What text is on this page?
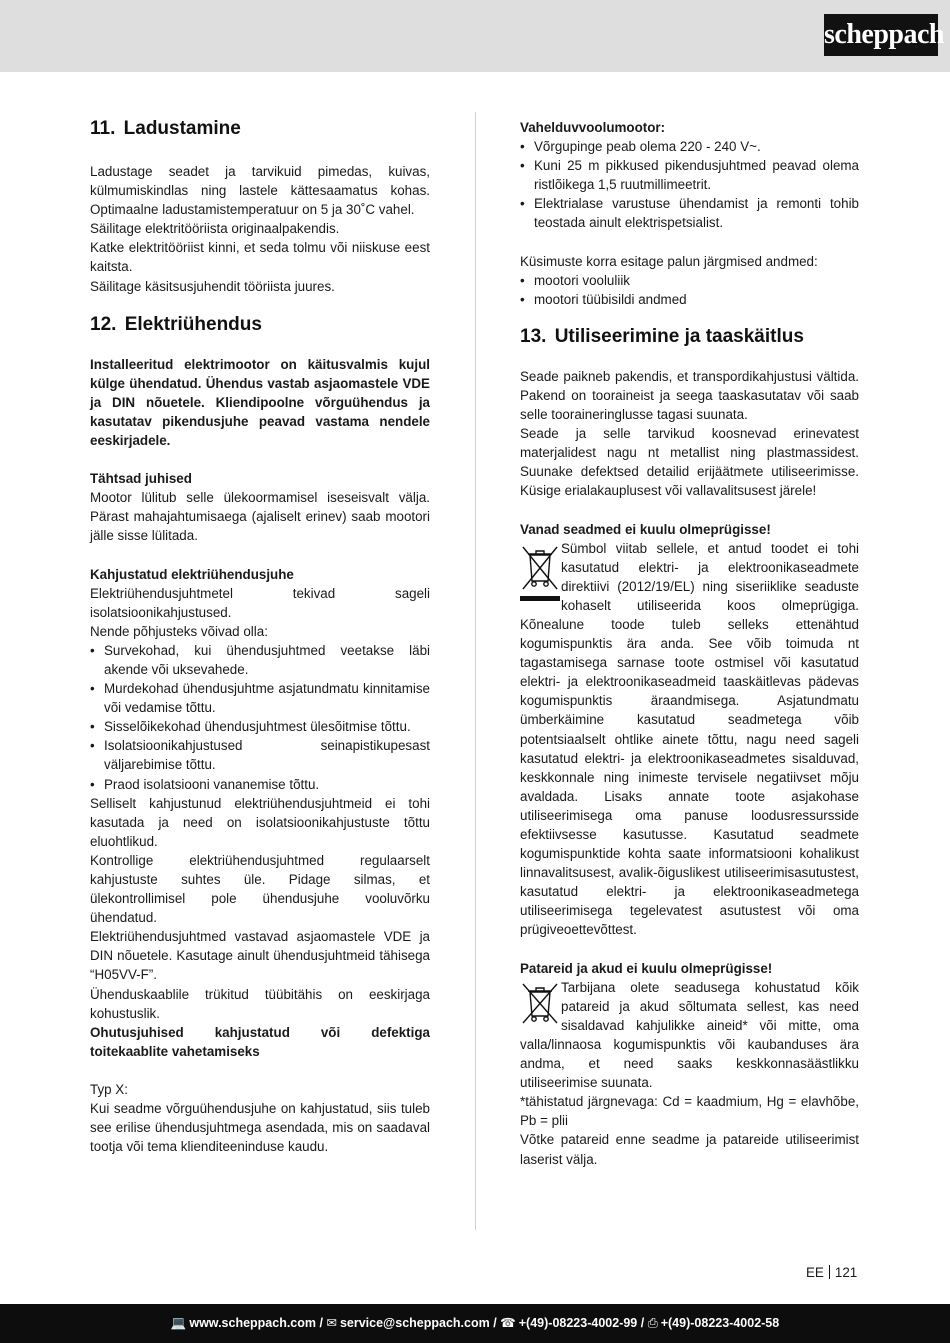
scheppach
11. Ladustamine

Ladustage seadet ja tarvikuid pimedas, kuivas, külmumiskindlas ning lastele kättesaamatus kohas. Optimaalne ladustamistemperatuur on 5 ja 30˚C vahel.

Säilitage elektritööriista originaalpakendis.

Katke elektritööriist kinni, et seda tolmu või niiskuse eest kaitsta.

Säilitage käsitsusjuhendit tööriista juures.

12. Elektriühendus

Installeeritud elektrimootor on käitusvalmis kujul külge ühendatud. Ühendus vastab asjaomastele VDE ja DIN nõuetele. Kliendipoolne võrguühendus ja kasutatav pikendusjuhe peavad vastama nendele eeskirjadele.

Tähtsad juhised

Mootor lülitub selle ülekoormamisel iseseisvalt välja. Pärast mahajahtumisaega (ajaliselt erinev) saab mootori jälle sisse lülitada.

Kahjustatud elektriühendusjuhe

Elektriühendusjuhtmetel tekivad sageli isolatsioonikahjustused.

Nende põhjusteks võivad olla:

• Survekohad, kui ühendusjuhtmed veetakse läbi akende või uksevahede.
• Murdekohad ühendusjuhtme asjatundmatu kinnitamise või vedamise tõttu.
• Sisselõikekohad ühendusjuhtmest ülesõitmise tõttu.
• Isolatsioonikahjustused seinapistikupesast väljarebimise tõttu.
• Praod isolatsiooni vananemise tõttu.

Selliselt kahjustunud elektriühendusjuhtmeid ei tohi kasutada ja need on isolatsioonikahjustuste tõttu eluohtlikud.

Kontrollige elektriühendusjuhtmed regulaarselt kahjustuste suhtes üle. Pidage silmas, et ülekontrollimisel pole ühendusjuhe vooluvõrku ühendatud.

Elektriühendusjuhtmed vastavad asjaomastele VDE ja DIN nõuetele. Kasutage ainult ühendusjuhtmeid tähisega “H05VV-F”.

Ühenduskaablile trükitud tüübitähis on eeskirjaga kohustuslik.

Ohutusjuhised kahjustatud või defektiga toitekaablite vahetamiseks

Typ X:

Kui seadme võrguühendusjuhe on kahjustatud, siis tuleb see erilise ühendusjuhtmega asendada, mis on saadaval tootja või tema klienditeeninduse kaudu.

Vahelduvvoolumootor:

• Võrgupinge peab olema 220 - 240 V~.
• Kuni 25 m pikkused pikendusjuhtmed peavad olema ristlõikega 1,5 ruutmillimeetrit.
• Elektrialase varustuse ühendamist ja remonti tohib teostada ainult elektrispetsialist.

Küsimuste korra esitage palun järgmised andmed:

• mootori vooluliik
• mootori tüübisildi andmed
13. Utiliseerimine ja taaskäitlus

Seade paikneb pakendis, et transpordikahjustusi vältida. Pakend on tooraineist ja seega taaskasutatav või saab selle tooraineringlusse tagasi suunata.

Seade ja selle tarvikud koosnevad erinevatest materjalidest nagu nt metallist ning plastmassidest. Suunake defektsed detailid erijäätmete utiliseerimisse. Küsige erialakauplusest või vallavalitsusest järele!

Vanad seadmed ei kuulu olmeprügisse!

Sümbol viitab sellele, et antud toodet ei tohi kasutatud elektri- ja elektroonikaseadmete direktiivi (2012/19/EL) ning siseriiklike seaduste kohaselt utiliseerida koos olmeprügiga. Kõnealune toode tuleb selleks ettenähtud kogumispunktis ära anda. See võib toimuda nt tagastamisega sarnase toote ostmisel või kasutatud elektri- ja elektroonikaseadmeid taaskäitlevas pädevas kogumispunktis äraandmisega. Asjatundmatu ümberkäimine kasutatud seadmetega võib potentsiaalselt ohtlike ainete tõttu, nagu need sageli kasutatud elektri- ja elektroonikaseadmetes sisalduvad, keskkonnale ning inimeste tervisele negatiivset mõju avaldada. Lisaks annate toote asjakohase utiliseerimisega oma panuse loodusressursside efektiivsesse kasutusse. Kasutatud seadmete kogumispunktide kohta saate informatsiooni kohalikust linnavalitsusest, avalik-õiguslikest utiliseerimisasutustest, kasutatud elektri- ja elektroonikaseadmetega utiliseerimisega tegelevatest asutustest või oma prügiveoettevõttest.

Patareid ja akud ei kuulu olmeprügisse!

Tarbijana olete seadusega kohustatud kõik patareid ja akud sõltumata sellest, kas need sisaldavad kahjulikke aineid* või mitte, oma valla/linnaosa kogumispunktis või kaubanduses ära andma, et need saaks keskkonnasäästlikku utiliseerimise suunata.

*tähistatud järgnevaga: Cd = kaadmium, Hg = elavhõbe, Pb = plii

Võtke patareid enne seadme ja patareide utiliseerimist laserist välja.

EE 121
💻 www.scheppach.com / ✉ service@scheppach.com / ☎ +(49)-08223-4002-99 / ⎙ +(49)-08223-4002-58
